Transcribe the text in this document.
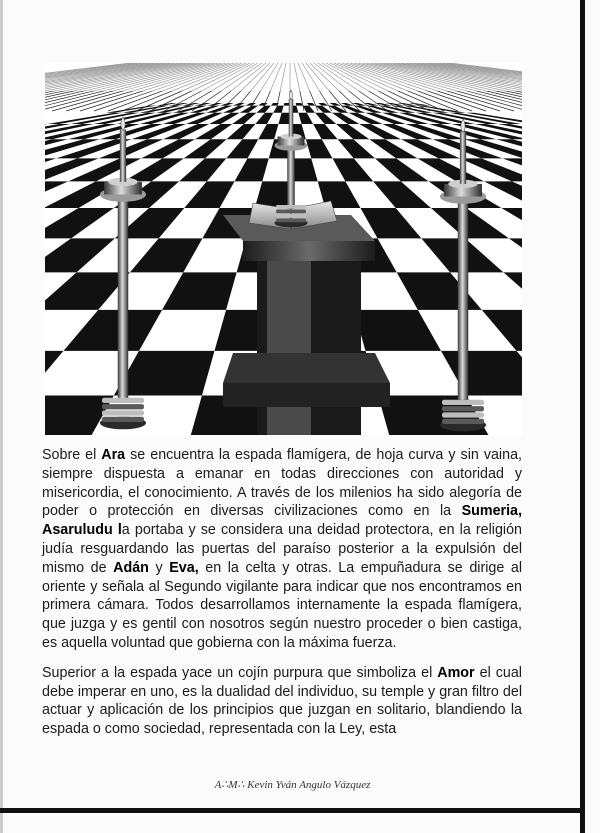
Sobre el Ara se encuentra la espada flamígera, de hoja curva y sin vaina, siempre dispuesta a emanar en todas direcciones con autoridad y misericordia, el conocimiento. A través de los milenios ha sido alegoría de poder o protección en diversas civilizaciones como en la Sumeria, Asaruludu la portaba y se considera una deidad protectora, en la religión judía resguardando las puertas del paraíso posterior a la expulsión del mismo de Adán y Eva, en la celta y otras. La empuñadura se dirige al oriente y señala al Segundo vigilante para indicar que nos encontramos en primera cámara. Todos desarrollamos internamente la espada flamígera, que juzga y es gentil con nosotros según nuestro proceder o bien castiga, es aquella voluntad que gobierna con la máxima fuerza.

Superior a la espada yace un cojín purpura que simboliza el Amor el cual debe imperar en uno, es la dualidad del individuo, su temple y gran filtro del actuar y aplicación de los principios que juzgan en solitario, blandiendo la espada o como sociedad, representada con la Ley, esta

A∴M∴ Kevin Yván Angulo Vázquez
